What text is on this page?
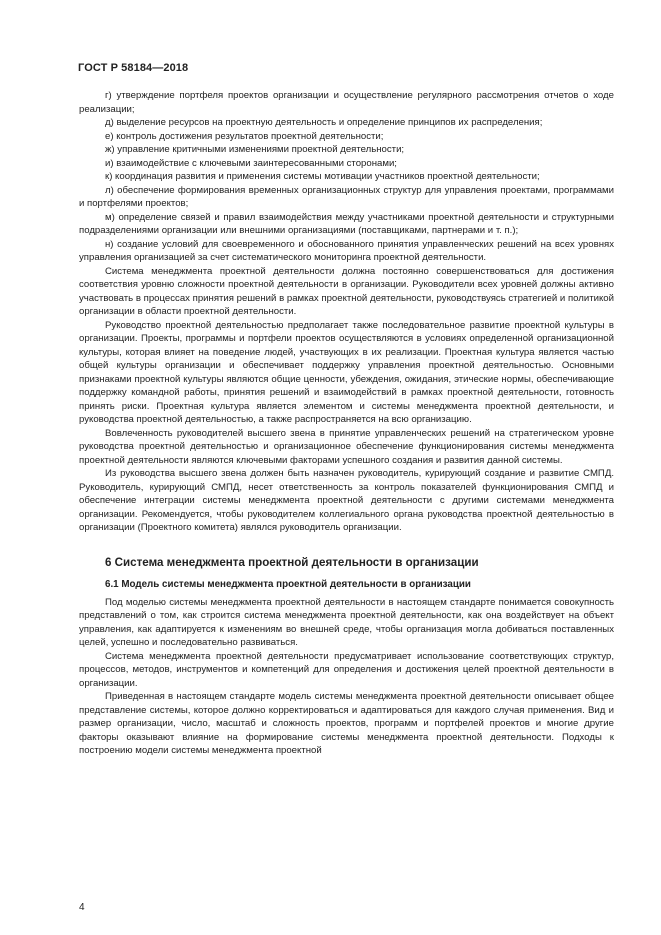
ГОСТ Р 58184—2018

г) утверждение портфеля проектов организации и осуществление регулярного рассмотрения отчетов о ходе реализации;

д) выделение ресурсов на проектную деятельность и определение принципов их распределения;

е) контроль достижения результатов проектной деятельности;

ж) управление критичными изменениями проектной деятельности;

и) взаимодействие с ключевыми заинтересованными сторонами;

к) координация развития и применения системы мотивации участников проектной деятельности;

л) обеспечение формирования временных организационных структур для управления проектами, программами и портфелями проектов;

м) определение связей и правил взаимодействия между участниками проектной деятельности и структурными подразделениями организации или внешними организациями (поставщиками, партнерами и т. п.);

н) создание условий для своевременного и обоснованного принятия управленческих решений на всех уровнях управления организацией за счет систематического мониторинга проектной деятельности.

Система менеджмента проектной деятельности должна постоянно совершенствоваться для достижения соответствия уровню сложности проектной деятельности в организации. Руководители всех уровней должны активно участвовать в процессах принятия решений в рамках проектной деятельности, руководствуясь стратегией и политикой организации в области проектной деятельности.

Руководство проектной деятельностью предполагает также последовательное развитие проектной культуры в организации. Проекты, программы и портфели проектов осуществляются в условиях определенной организационной культуры, которая влияет на поведение людей, участвующих в их реализации. Проектная культура является частью общей культуры организации и обеспечивает поддержку управления проектной деятельностью. Основными признаками проектной культуры являются общие ценности, убеждения, ожидания, этические нормы, обеспечивающие поддержку командной работы, принятия решений и взаимодействий в рамках проектной деятельности, готовность принять риски. Проектная культура является элементом и системы менеджмента проектной деятельности, и руководства проектной деятельностью, а также распространяется на всю организацию.

Вовлеченность руководителей высшего звена в принятие управленческих решений на стратегическом уровне руководства проектной деятельностью и организационное обеспечение функционирования системы менеджмента проектной деятельности являются ключевыми факторами успешного создания и развития данной системы.

Из руководства высшего звена должен быть назначен руководитель, курирующий создание и развитие СМПД. Руководитель, курирующий СМПД, несет ответственность за контроль показателей функционирования СМПД и обеспечение интеграции системы менеджмента проектной деятельности с другими системами менеджмента организации. Рекомендуется, чтобы руководителем коллегиального органа руководства проектной деятельностью в организации (Проектного комитета) являлся руководитель организации.

6 Система менеджмента проектной деятельности в организации
6.1 Модель системы менеджмента проектной деятельности в организации

Под моделью системы менеджмента проектной деятельности в настоящем стандарте понимается совокупность представлений о том, как строится система менеджмента проектной деятельности, как она воздействует на объект управления, как адаптируется к изменениям во внешней среде, чтобы организация могла добиваться поставленных целей, успешно и последовательно развиваться.

Система менеджмента проектной деятельности предусматривает использование соответствующих структур, процессов, методов, инструментов и компетенций для определения и достижения целей проектной деятельности в организации.

Приведенная в настоящем стандарте модель системы менеджмента проектной деятельности описывает общее представление системы, которое должно корректироваться и адаптироваться для каждого случая применения. Вид и размер организации, число, масштаб и сложность проектов, программ и портфелей проектов и многие другие факторы оказывают влияние на формирование системы менеджмента проектной деятельности. Подходы к построению модели системы менеджмента проектной

4
